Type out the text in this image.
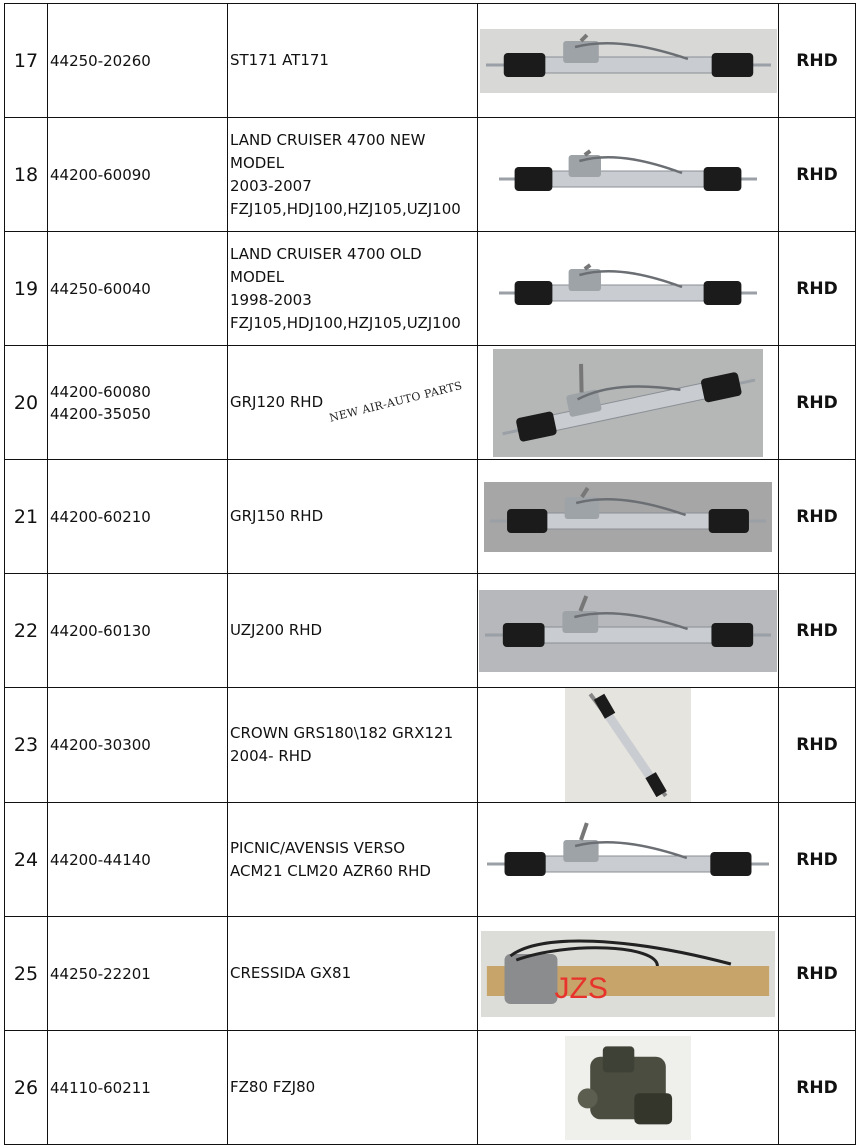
17	44250-20260	ST171 AT171		RHD
18	44200-60090	LAND CRUISER 4700 NEW
MODEL
2003-2007
FZJ105,HDJ100,HZJ105,UZJ100		RHD
19	44250-60040	LAND CRUISER 4700 OLD
MODEL
1998-2003
FZJ105,HDJ100,HZJ105,UZJ100		RHD
20	44200-60080
44200-35050	GRJ120 RHD		RHD
21	44200-60210	GRJ150 RHD		RHD
22	44200-60130	UZJ200 RHD		RHD
23	44200-30300	CROWN GRS180\182 GRX121
2004- RHD		RHD
24	44200-44140	PICNIC/AVENSIS VERSO
ACM21 CLM20 AZR60 RHD		RHD
25	44250-22201	CRESSIDA GX81	JZS	RHD
26	44110-60211	FZ80 FZJ80		RHD
NEW AIR-AUTO PARTS
